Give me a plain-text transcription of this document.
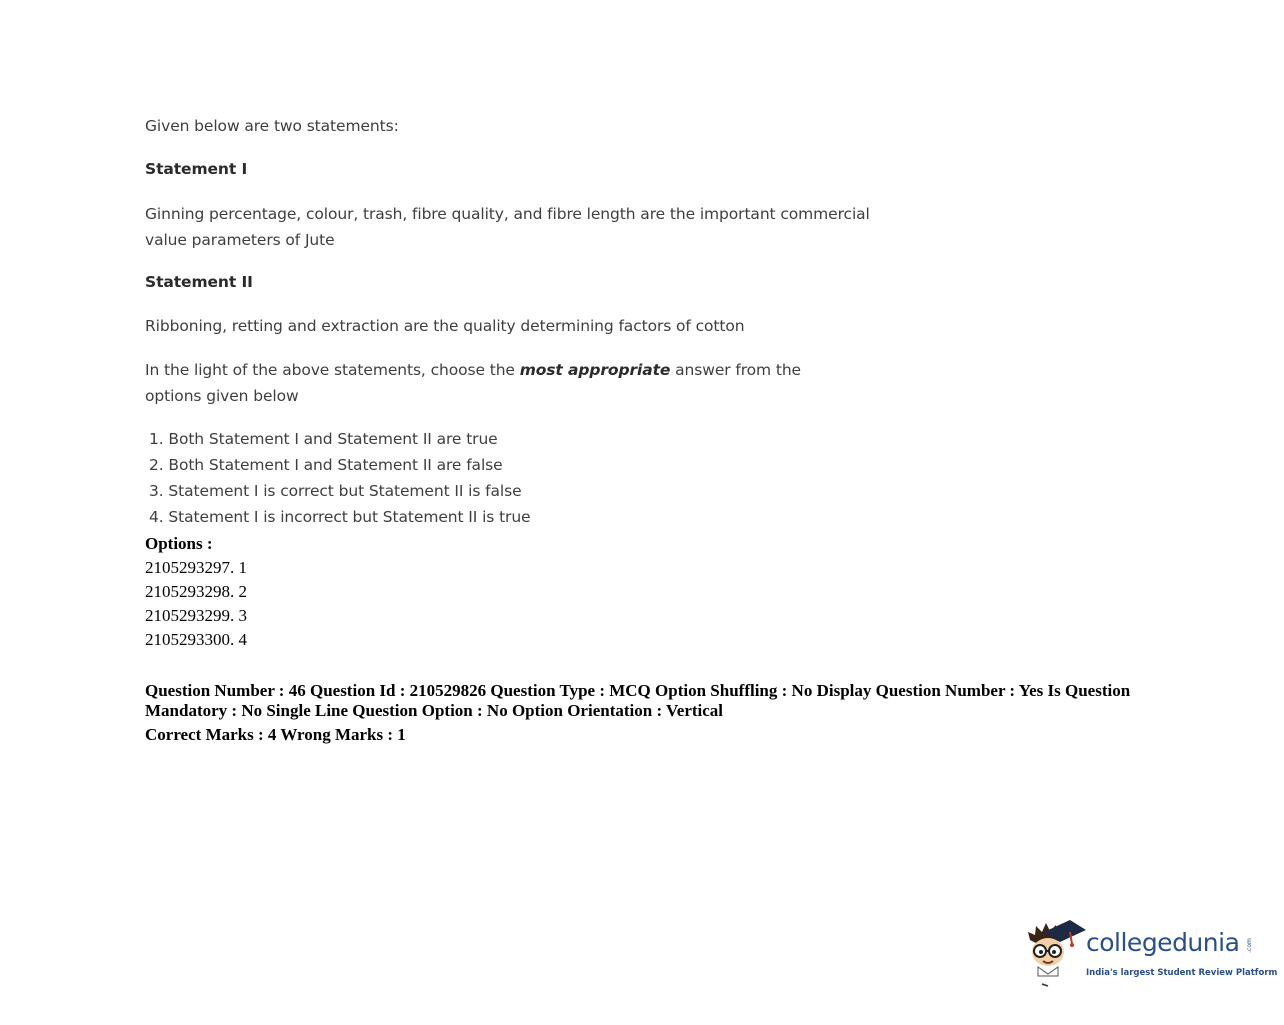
Given below are two statements:

Statement I

Ginning percentage, colour, trash, fibre quality, and fibre length are the important commercial value parameters of Jute

Statement II

Ribboning, retting and extraction are the quality determining factors of cotton

In the light of the above statements, choose the most appropriate answer from the options given below

1. Both Statement I and Statement II are true
2. Both Statement I and Statement II are false
3. Statement I is correct but Statement II is false
4. Statement I is incorrect but Statement II is true
Options :
2105293297. 1
2105293298. 2
2105293299. 3
2105293300. 4
Question Number : 46 Question Id : 210529826 Question Type : MCQ Option Shuffling : No Display Question Number : Yes Is Question Mandatory : No Single Line Question Option : No Option Orientation : Vertical
Correct Marks : 4 Wrong Marks : 1
collegedunia .com
India's largest Student Review Platform
